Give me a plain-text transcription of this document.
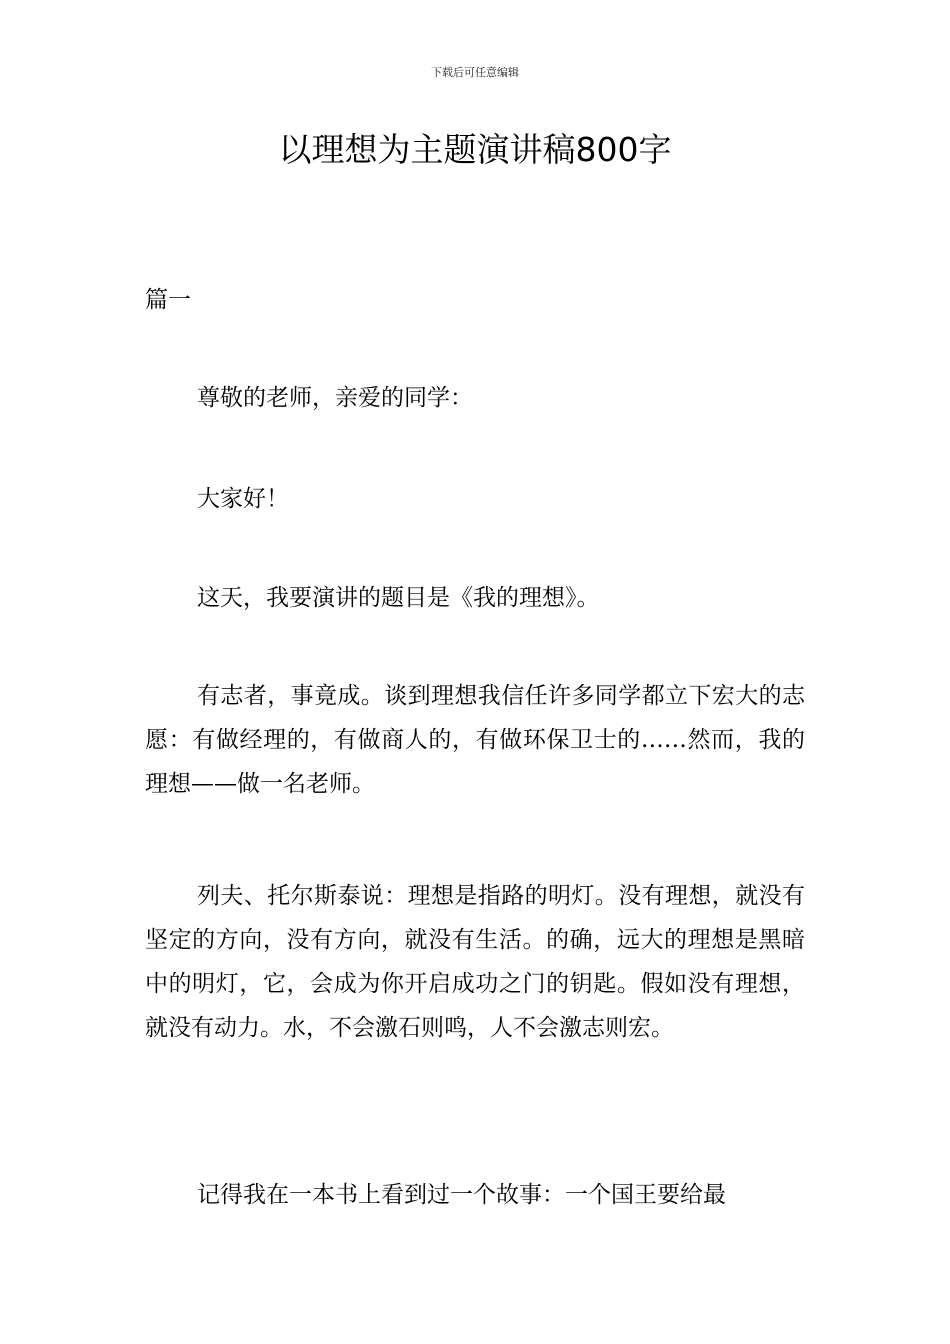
下载后可任意编辑
以理想为主题演讲稿800字
篇一

尊敬的老师，亲爱的同学：

大家好！

这天，我要演讲的题目是《我的理想》。

有志者，事竟成。谈到理想我信任许多同学都立下宏大的志愿：有做经理的，有做商人的，有做环保卫士的……然而，我的理想——做一名老师。

列夫、托尔斯泰说：理想是指路的明灯。没有理想，就没有坚定的方向，没有方向，就没有生活。的确，远大的理想是黑暗中的明灯，它，会成为你开启成功之门的钥匙。假如没有理想，就没有动力。水，不会激石则鸣，人不会激志则宏。

记得我在一本书上看到过一个故事：一个国王要给最
